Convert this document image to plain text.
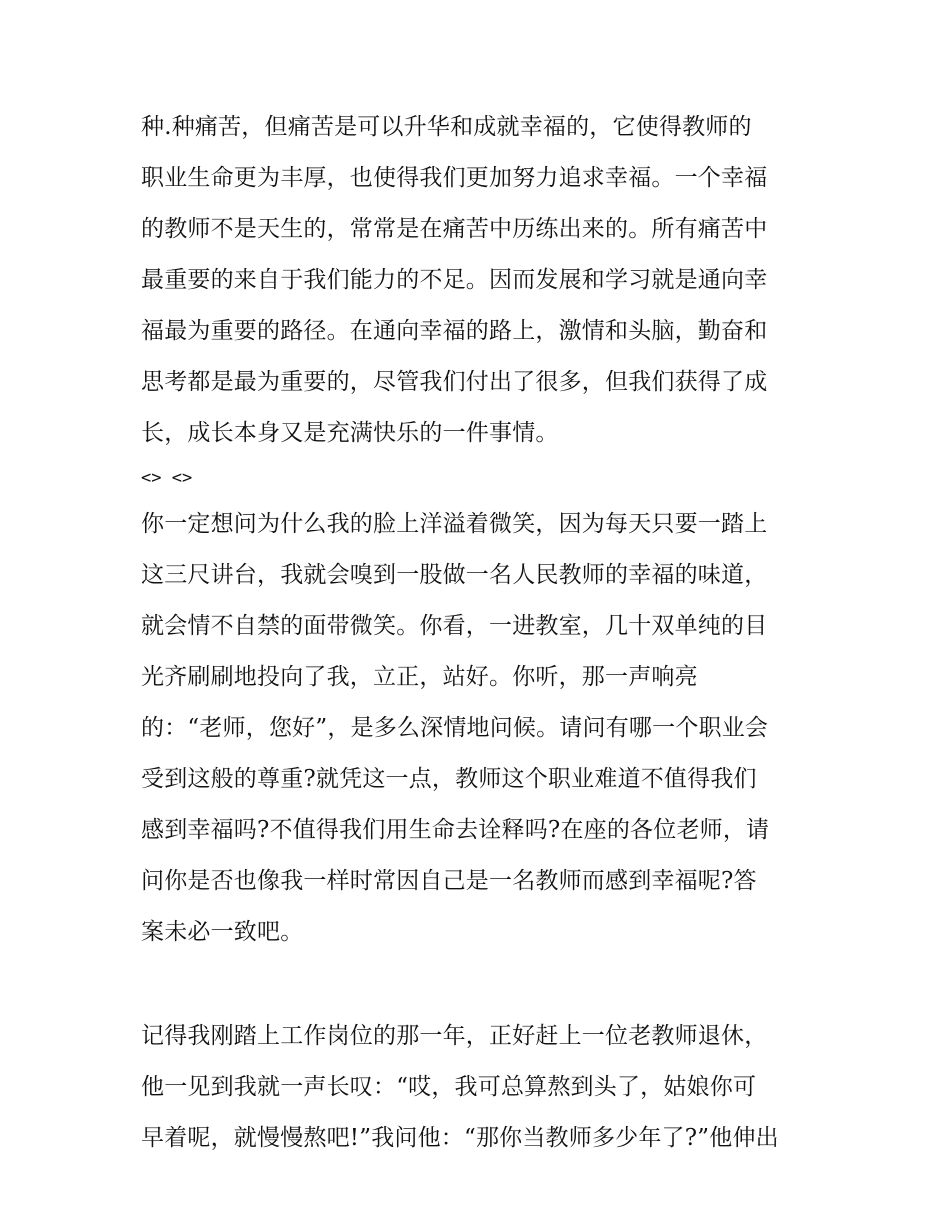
种.种痛苦，但痛苦是可以升华和成就幸福的，它使得教师的
职业生命更为丰厚，也使得我们更加努力追求幸福。一个幸福
的教师不是天生的，常常是在痛苦中历练出来的。所有痛苦中
最重要的来自于我们能力的不足。因而发展和学习就是通向幸
福最为重要的路径。在通向幸福的路上，激情和头脑，勤奋和
思考都是最为重要的，尽管我们付出了很多，但我们获得了成
长，成长本身又是充满快乐的一件事情。
<> <>
你一定想问为什么我的脸上洋溢着微笑，因为每天只要一踏上
这三尺讲台，我就会嗅到一股做一名人民教师的幸福的味道，
就会情不自禁的面带微笑。你看，一进教室，几十双单纯的目
光齐刷刷地投向了我，立正，站好。你听，那一声响亮
的：“老师，您好”，是多么深情地问候。请问有哪一个职业会
受到这般的尊重?就凭这一点，教师这个职业难道不值得我们
感到幸福吗?不值得我们用生命去诠释吗?在座的各位老师，请
问你是否也像我一样时常因自己是一名教师而感到幸福呢?答
案未必一致吧。
记得我刚踏上工作岗位的那一年，正好赶上一位老教师退休，
他一见到我就一声长叹：“哎，我可总算熬到头了，姑娘你可
早着呢，就慢慢熬吧!”我问他：“那你当教师多少年了?”他伸出
